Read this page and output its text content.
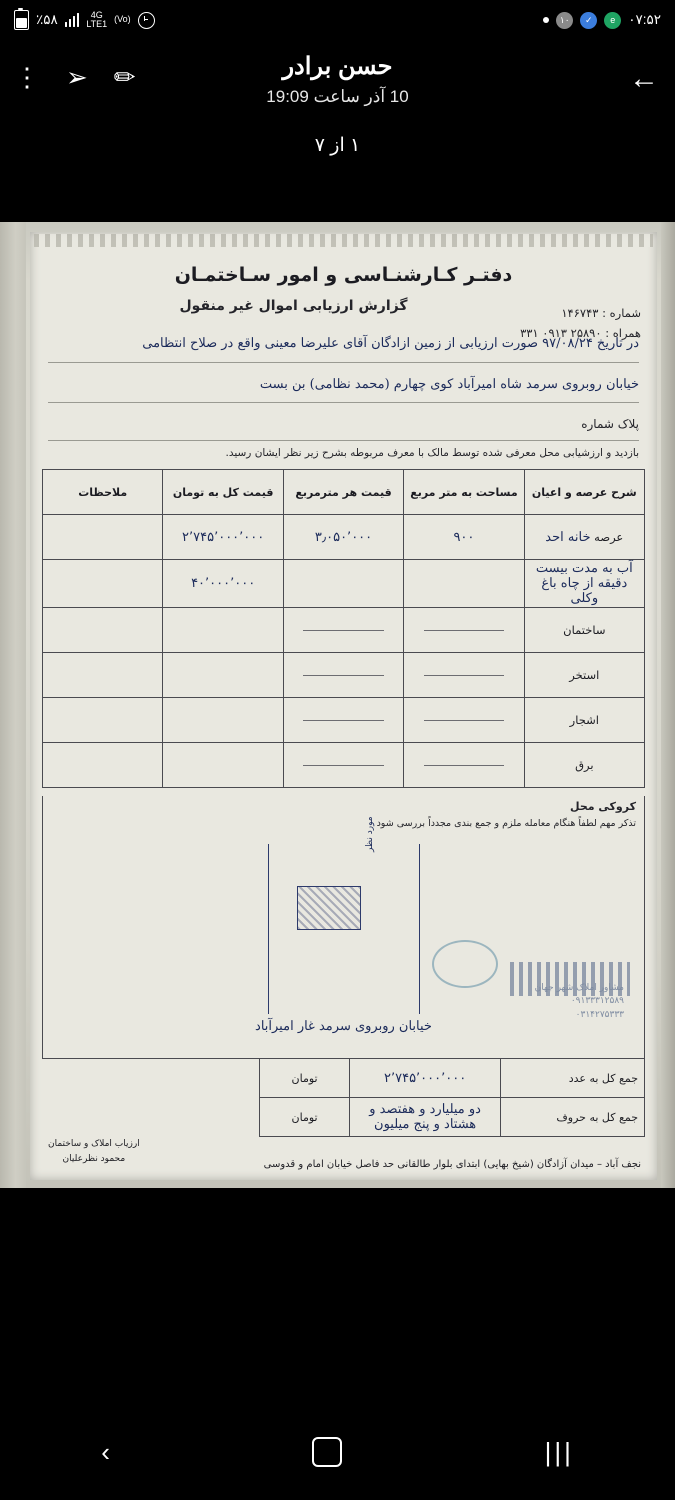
٪۵۸	4G
LTE1 (Vo)	۱۰	✓	e ۰۷:۵۲
←
حسن برادر
10 آذر ساعت 19:09
⋮ ➢ ✏
۱ از ۷
دفتـر کـارشنـاسی و امور سـاختمـان
گزارش ارزیابی اموال غیر منقول	شماره : ۱۴۶۷۴۳
همراه : ۲۵۸۹۰ ۰۹۱۳ ۳۳۱
در تاریخ ۹۷/۰۸/۲۴ صورت ارزیابی از زمین ازادگان آقای علیرضا معینی واقع در صلاح انتظامی
خیابان روبروی سرمد شاه امیرآباد کوی چهارم (محمد نظامی) بن بست
پلاک شماره
بازدید و ارزشیابی محل معرفی شده توسط مالک با معرف مربوطه بشرح زیر نظر ایشان رسید.
شرح عرصه و اعیان	مساحت به متر مربع	قیمت هر مترمربع	قیمت کل به تومان	ملاحظات
عرصه خانه احد	۹۰۰	۳٫۰۵۰٬۰۰۰	۲٬۷۴۵٬۰۰۰٬۰۰۰	
آب به مدت بیست دقیقه از چاه باغ وکلی			۴۰٬۰۰۰٬۰۰۰	
ساختمان	

استخر	

اشجار	

برق	

کروکی محل
تذکر مهم لطفاً هنگام معامله ملزم و جمع بندی مجدداً بررسی شود
مورد نظر
خیابان روبروی سرمد غار امیرآباد
مشاور املاک شهر جهان
۰۹۱۳۳۳۱۲۵۸۹
۰۳۱۴۲۷۵۳۳۳
جمع کل به عدد	۲٬۷۴۵٬۰۰۰٬۰۰۰	تومان
جمع کل به حروف	دو میلیارد و هفتصد و هشتاد و پنج میلیون	تومان
ارزیاب املاک و ساختمان
محمود نظرعلیان
نجف آباد – میدان آزادگان (شیخ بهایی) ابتدای بلوار طالقانی حد فاصل خیابان امام و قدوسی
|||
›
